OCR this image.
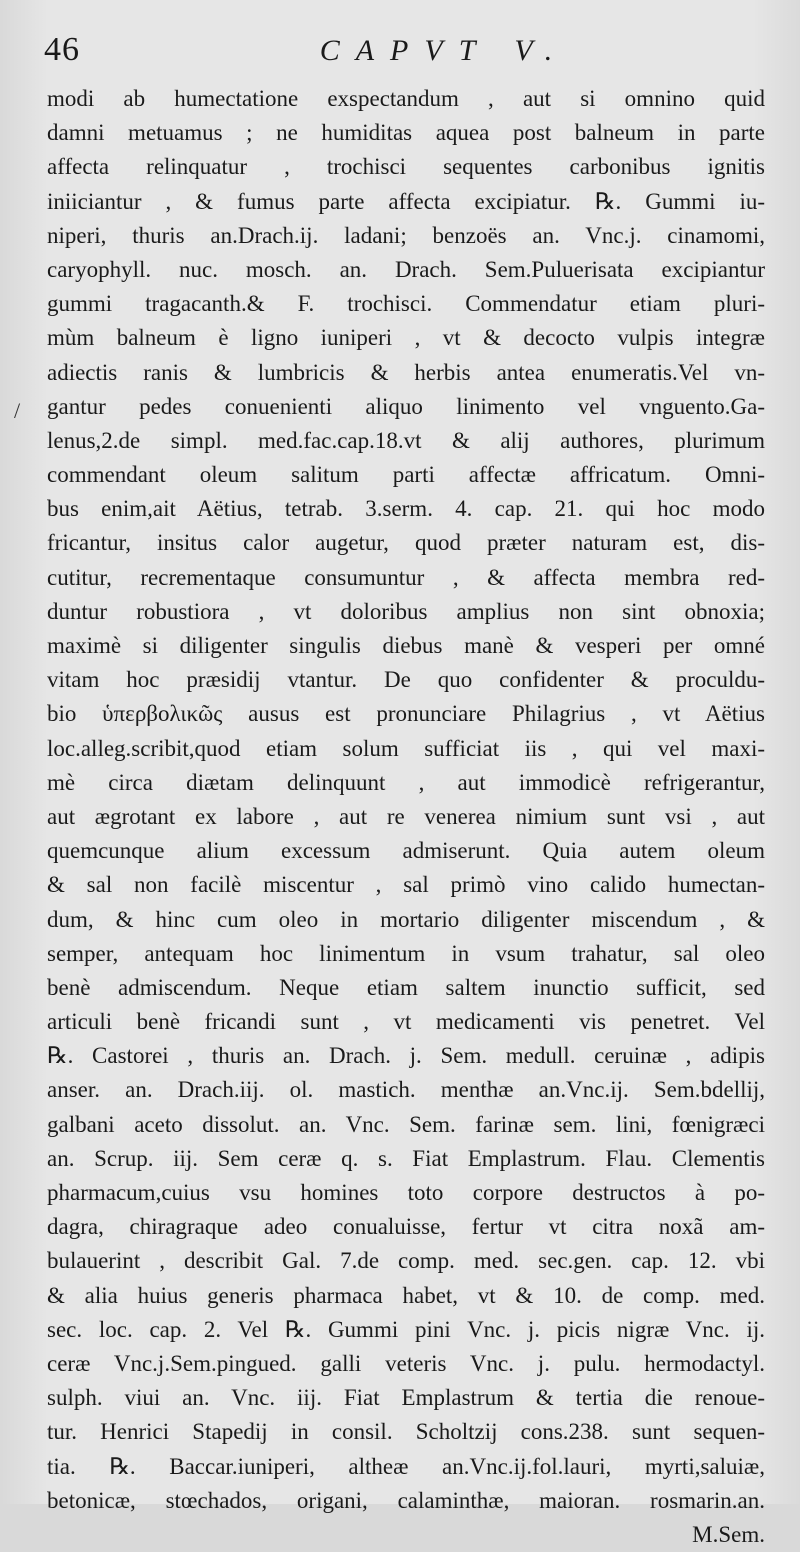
46	CAPVT V.
/
modi ab humectatione exspectandum , aut si omnino quid
damni metuamus ; ne humiditas aquea post balneum in parte
affecta relinquatur , trochisci sequentes carbonibus ignitis
iniiciantur , & fumus parte affecta excipiatur. ℞. Gummi iu-
niperi, thuris an.Drach.ij. ladani; benzoës an. Vnc.j. cinamomi,
caryophyll. nuc. mosch. an. Drach. Sem.Puluerisata excipiantur
gummi tragacanth.& F. trochisci. Commendatur etiam pluri-
mùm balneum è ligno iuniperi , vt & decocto vulpis integræ
adiectis ranis & lumbricis & herbis antea enumeratis.Vel vn-
gantur pedes conuenienti aliquo linimento vel vnguento.Ga-
lenus,2.de simpl. med.fac.cap.18.vt & alij authores, plurimum
commendant oleum salitum parti affectæ affricatum. Omni-
bus enim,ait Aëtius, tetrab. 3.serm. 4. cap. 21. qui hoc modo
fricantur, insitus calor augetur, quod præter naturam est, dis-
cutitur, recrementaque consumuntur , & affecta membra red-
duntur robustiora , vt doloribus amplius non sint obnoxia;
maximè si diligenter singulis diebus manè & vesperi per omné
vitam hoc præsidij vtantur. De quo confidenter & proculdu-
bio ὑπερβολικῶς ausus est pronunciare Philagrius , vt Aëtius
loc.alleg.scribit,quod etiam solum sufficiat iis , qui vel maxi-
mè circa diætam delinquunt , aut immodicè refrigerantur,
aut ægrotant ex labore , aut re venerea nimium sunt vsi , aut
quemcunque alium excessum admiserunt. Quia autem oleum
& sal non facilè miscentur , sal primò vino calido humectan-
dum, & hinc cum oleo in mortario diligenter miscendum , &
semper, antequam hoc linimentum in vsum trahatur, sal oleo
benè admiscendum. Neque etiam saltem inunctio sufficit, sed
articuli benè fricandi sunt , vt medicamenti vis penetret. Vel
℞. Castorei , thuris an. Drach. j. Sem. medull. ceruinæ , adipis
anser. an. Drach.iij. ol. mastich. menthæ an.Vnc.ij. Sem.bdellij,
galbani aceto dissolut. an. Vnc. Sem. farinæ sem. lini, fœnigræci
an. Scrup. iij. Sem ceræ q. s. Fiat Emplastrum. Flau. Clementis
pharmacum,cuius vsu homines toto corpore destructos à po-
dagra, chiragraque adeo conualuisse, fertur vt citra noxã am-
bulauerint , describit Gal. 7.de comp. med. sec.gen. cap. 12. vbi
& alia huius generis pharmaca habet, vt & 10. de comp. med.
sec. loc. cap. 2. Vel ℞. Gummi pini Vnc. j. picis nigræ Vnc. ij.
ceræ Vnc.j.Sem.pingued. galli veteris Vnc. j. pulu. hermodactyl.
sulph. viui an. Vnc. iij. Fiat Emplastrum & tertia die renoue-
tur. Henrici Stapedij in consil. Scholtzij cons.238. sunt sequen-
tia. ℞. Baccar.iuniperi, altheæ an.Vnc.ij.fol.lauri, myrti,saluiæ,
betonicæ, stœchados, origani, calaminthæ, maioran. rosmarin.an.
M.Sem.
